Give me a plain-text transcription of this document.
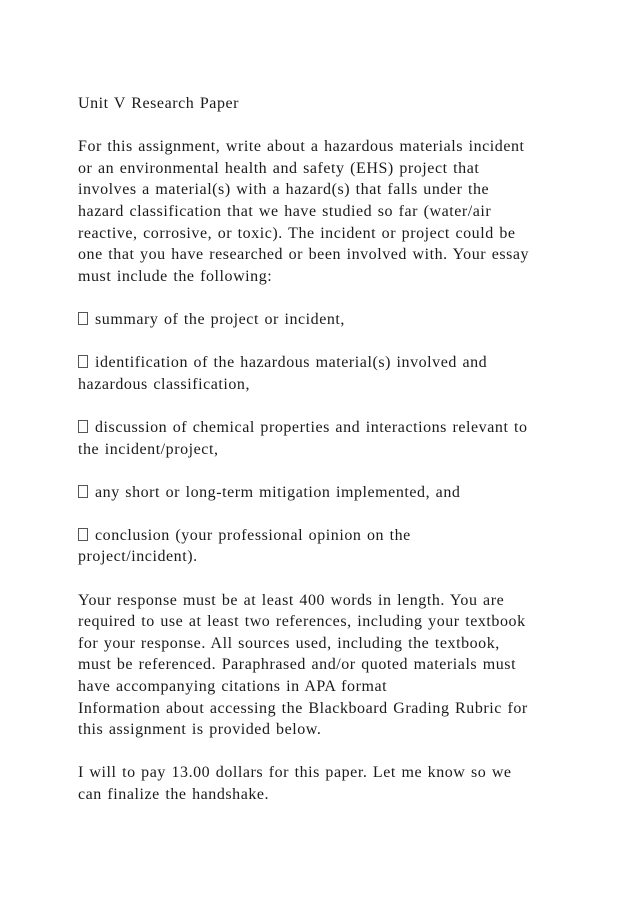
Unit V Research Paper

For this assignment, write about a hazardous materials incident

or an environmental health and safety (EHS) project that

involves a material(s) with a hazard(s) that falls under the

hazard classification that we have studied so far (water/air

reactive, corrosive, or toxic). The incident or project could be

one that you have researched or been involved with. Your essay

must include the following:

summary of the project or incident,

identification of the hazardous material(s) involved and

hazardous classification,

discussion of chemical properties and interactions relevant to

the incident/project,

any short or long-term mitigation implemented, and

conclusion (your professional opinion on the

project/incident).

Your response must be at least 400 words in length. You are

required to use at least two references, including your textbook

for your response. All sources used, including the textbook,

must be referenced. Paraphrased and/or quoted materials must

have accompanying citations in APA format

Information about accessing the Blackboard Grading Rubric for

this assignment is provided below.

I will to pay 13.00 dollars for this paper. Let me know so we

can finalize the handshake.
